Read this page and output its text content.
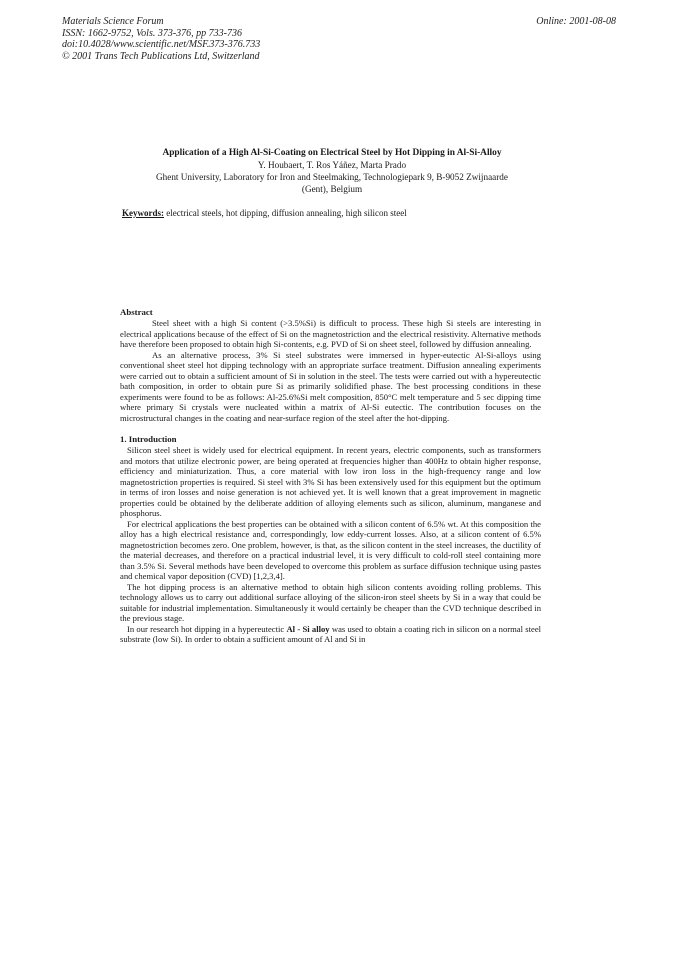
Materials Science Forum
ISSN: 1662-9752, Vols. 373-376, pp 733-736
doi:10.4028/www.scientific.net/MSF.373-376.733
© 2001 Trans Tech Publications Ltd, Switzerland
Online: 2001-08-08
Application of a High Al-Si-Coating on Electrical Steel by Hot Dipping in Al-Si-Alloy
Y. Houbaert, T. Ros Yáñez, Marta Prado
Ghent University, Laboratory for Iron and Steelmaking, Technologiepark 9, B-9052 Zwijnaarde
(Gent), Belgium
Keywords: electrical steels, hot dipping, diffusion annealing, high silicon steel
Abstract

Steel sheet with a high Si content (>3.5%Si) is difficult to process. These high Si steels are interesting in electrical applications because of the effect of Si on the magnetostriction and the electrical resistivity. Alternative methods have therefore been proposed to obtain high Si-contents, e.g. PVD of Si on sheet steel, followed by diffusion annealing.

As an alternative process, 3% Si steel substrates were immersed in hyper-eutectic Al-Si-alloys using conventional sheet steel hot dipping technology with an appropriate surface treatment. Diffusion annealing experiments were carried out to obtain a sufficient amount of Si in solution in the steel. The tests were carried out with a hypereutectic bath composition, in order to obtain pure Si as primarily solidified phase. The best processing conditions in these experiments were found to be as follows: Al-25.6%Si melt composition, 850°C melt temperature and 5 sec dipping time where primary Si crystals were nucleated within a matrix of Al-Si eutectic. The contribution focuses on the microstructural changes in the coating and near-surface region of the steel after the hot-dipping.

1. Introduction

Silicon steel sheet is widely used for electrical equipment. In recent years, electric components, such as transformers and motors that utilize electronic power, are being operated at frequencies higher than 400Hz to obtain higher response, efficiency and miniaturization. Thus, a core material with low iron loss in the high-frequency range and low magnetostriction properties is required. Si steel with 3% Si has been extensively used for this equipment but the optimum in terms of iron losses and noise generation is not achieved yet. It is well known that a great improvement in magnetic properties could be obtained by the deliberate addition of alloying elements such as silicon, aluminum, manganese and phosphorus.

For electrical applications the best properties can be obtained with a silicon content of 6.5% wt. At this composition the alloy has a high electrical resistance and, correspondingly, low eddy-current losses. Also, at a silicon content of 6.5% magnetostriction becomes zero. One problem, however, is that, as the silicon content in the steel increases, the ductility of the material decreases, and therefore on a practical industrial level, it is very difficult to cold-roll steel containing more than 3.5% Si. Several methods have been developed to overcome this problem as surface diffusion technique using pastes and chemical vapor deposition (CVD) [1,2,3,4].

The hot dipping process is an alternative method to obtain high silicon contents avoiding rolling problems. This technology allows us to carry out additional surface alloying of the silicon-iron steel sheets by Si in a way that could be suitable for industrial implementation. Simultaneously it would certainly be cheaper than the CVD technique described in the previous stage.

In our research hot dipping in a hypereutectic Al - Si alloy was used to obtain a coating rich in silicon on a normal steel substrate (low Si). In order to obtain a sufficient amount of Al and Si in
